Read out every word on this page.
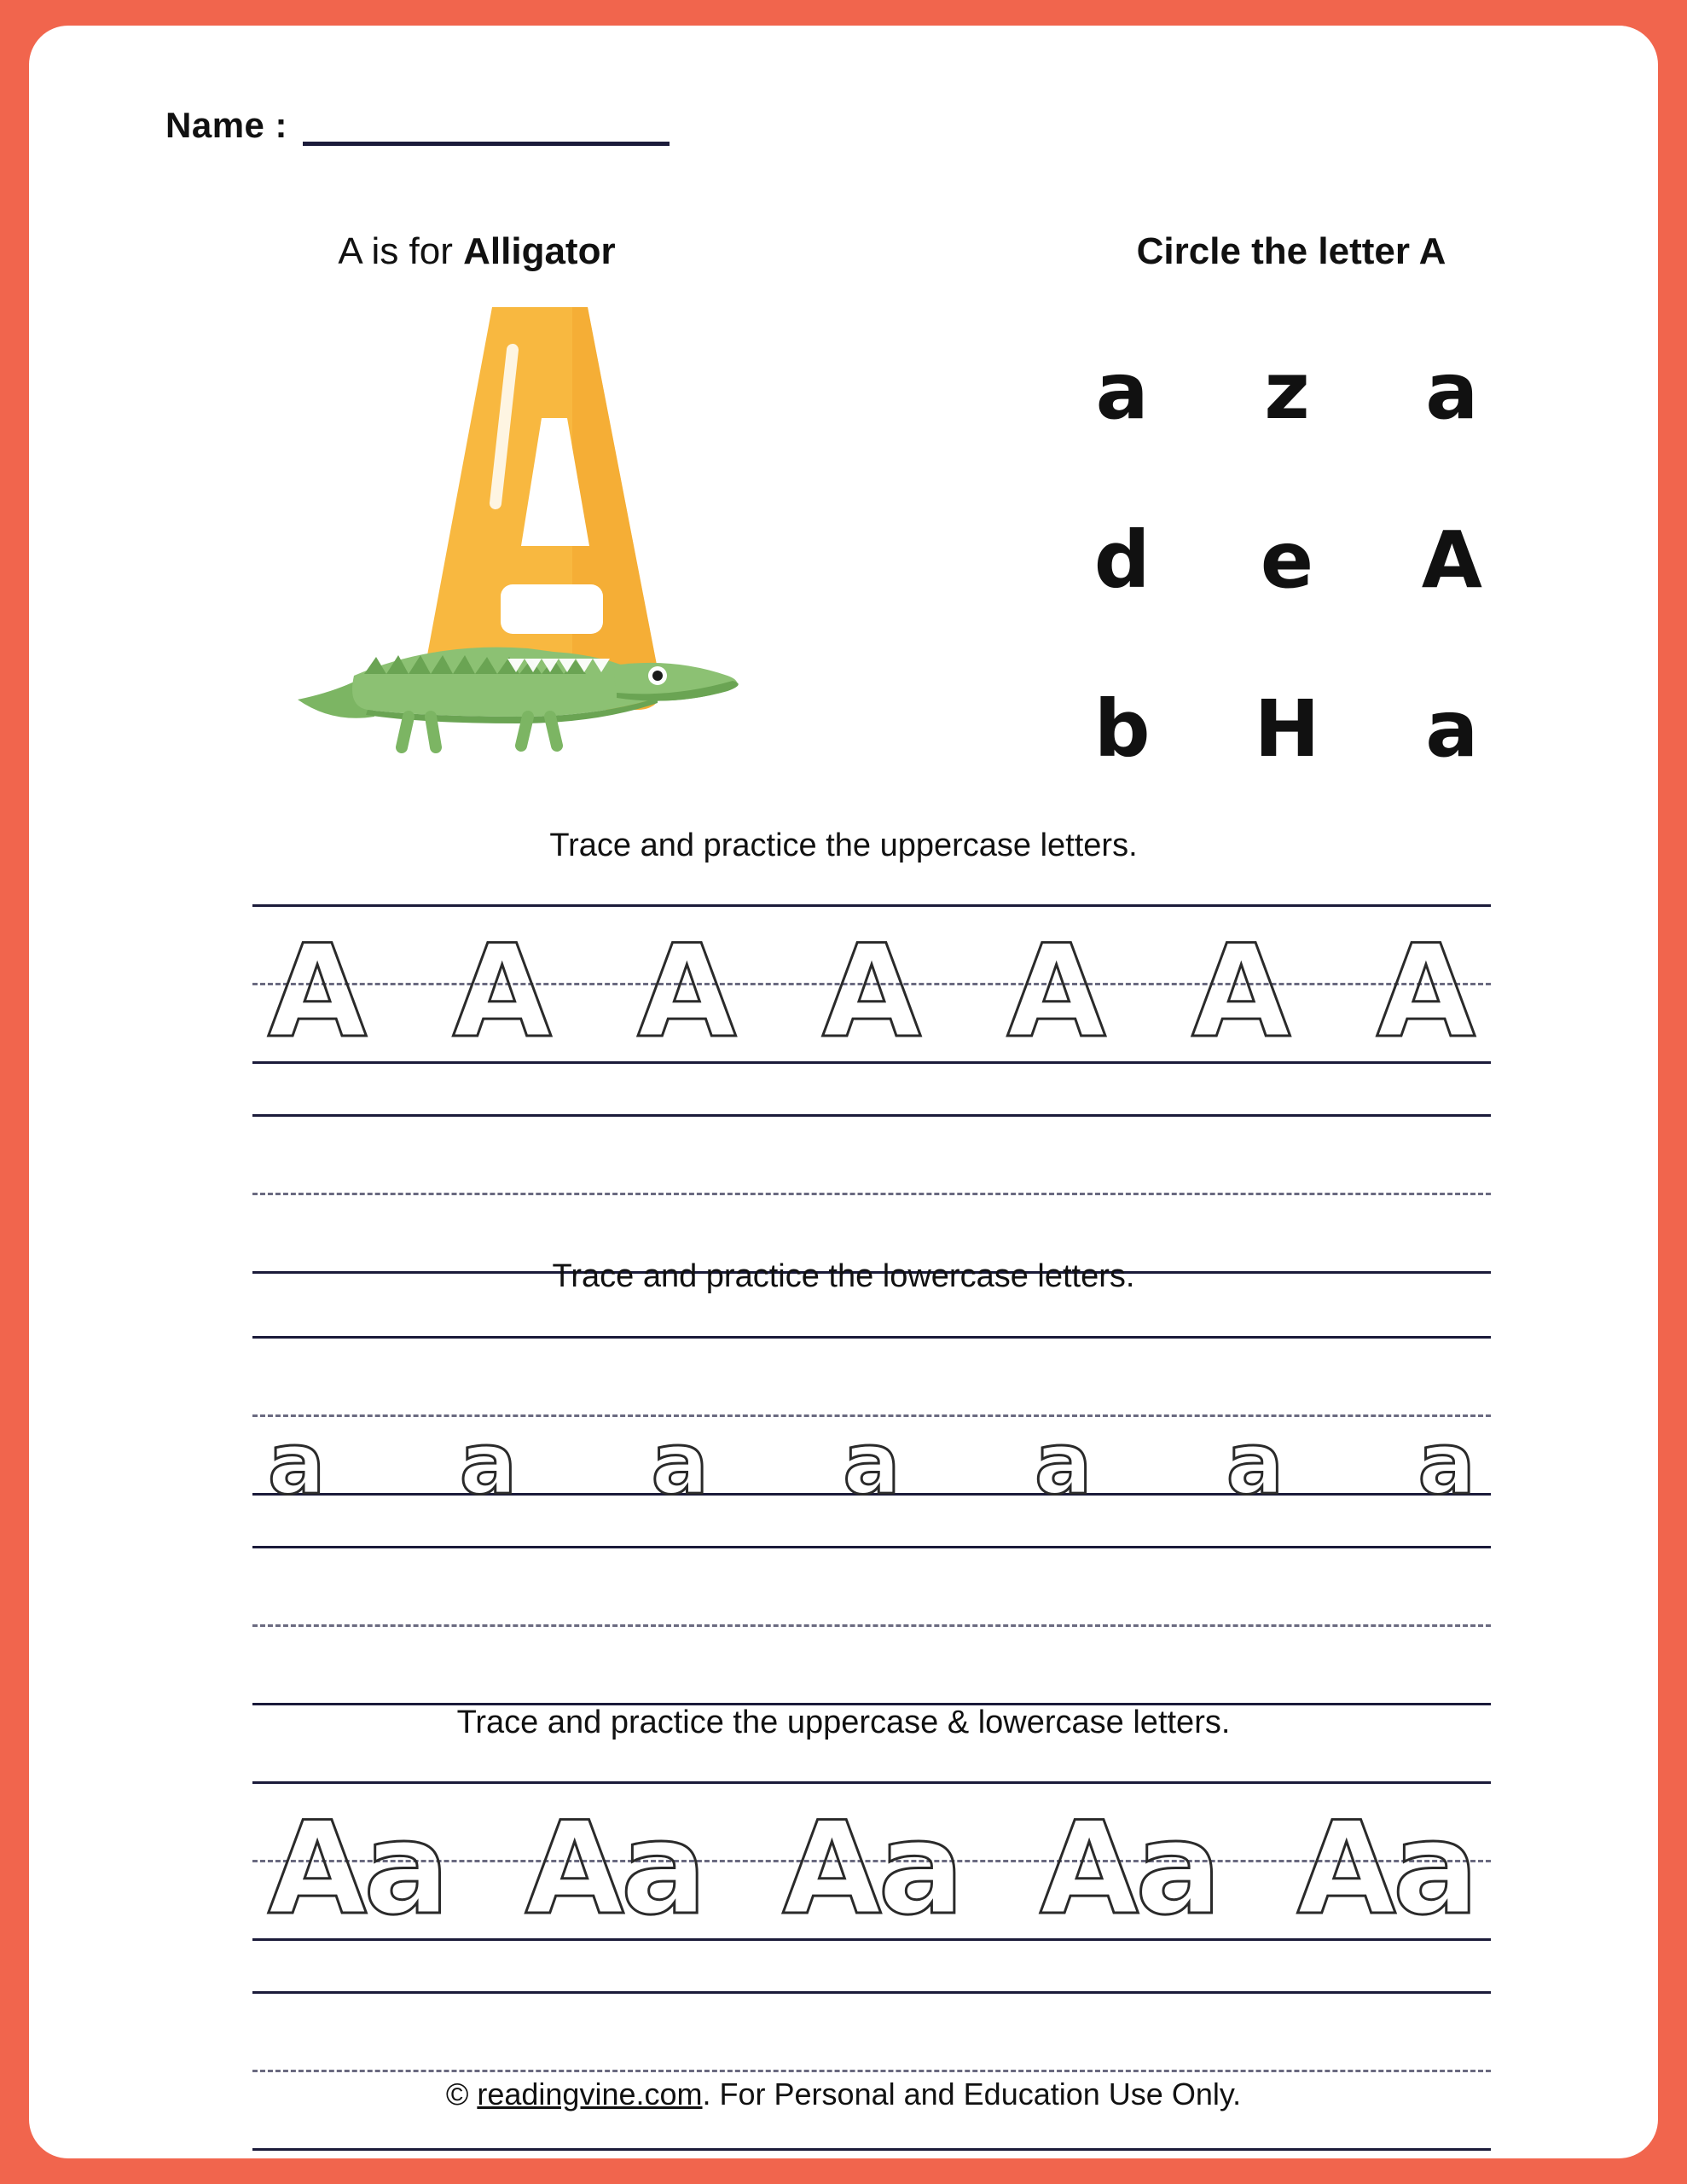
Name :
A is for Alligator	Circle the letter A
a z a
d e A
b H a
Trace and practice the uppercase letters.
A A A A A A A
Trace and practice the lowercase letters.
a a a a a a a
Trace and practice the uppercase & lowercase letters.
Aa Aa Aa Aa Aa
© readingvine.com. For Personal and Education Use Only.
